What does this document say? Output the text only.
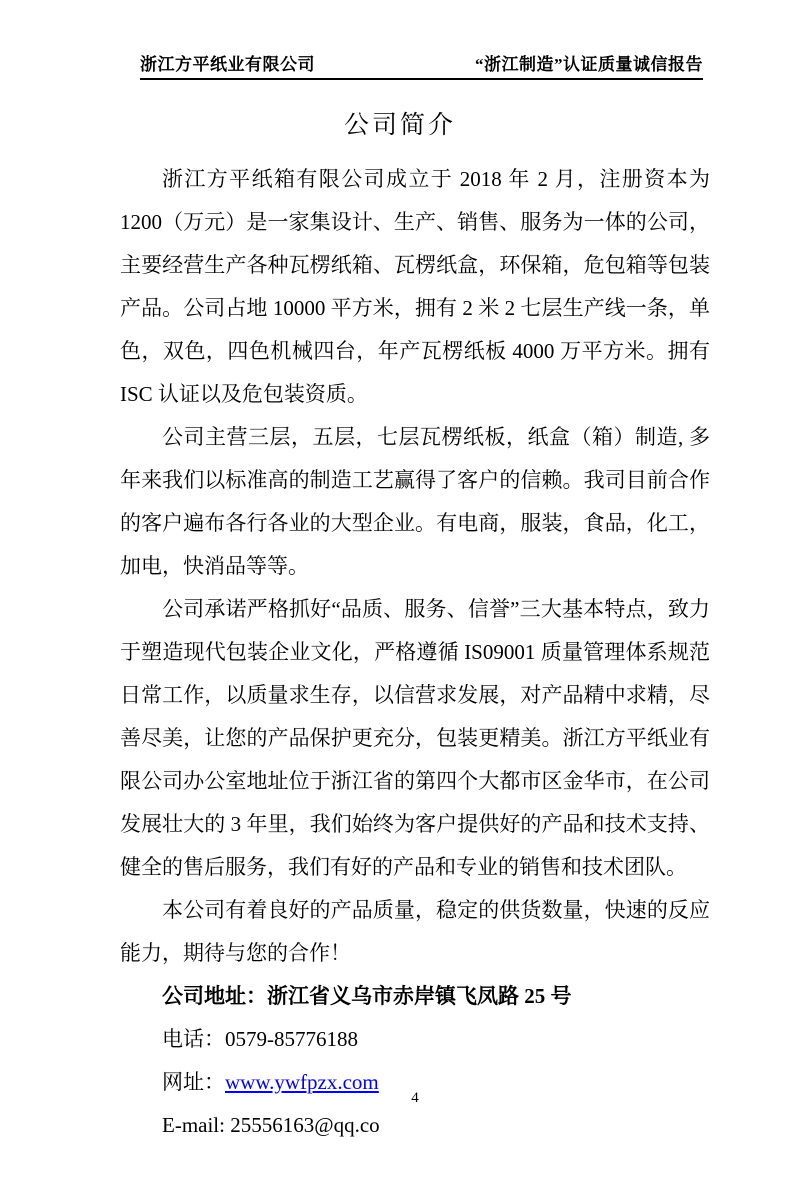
浙江方平纸业有限公司	“浙江制造”认证质量诚信报告
公司简介

浙江方平纸箱有限公司成立于 2018 年 2 月，注册资本为 1200（万元）是一家集设计、生产、销售、服务为一体的公司，主要经营生产各种瓦楞纸箱、瓦楞纸盒，环保箱，危包箱等包装产品。公司占地 10000 平方米，拥有 2 米 2 七层生产线一条，单色，双色，四色机械四台，年产瓦楞纸板 4000 万平方米。拥有 ISC 认证以及危包装资质。

公司主营三层，五层，七层瓦楞纸板，纸盒（箱）制造, 多年来我们以标准高的制造工艺赢得了客户的信赖。我司目前合作的客户遍布各行各业的大型企业。有电商，服装，食品，化工，加电，快消品等等。

公司承诺严格抓好“品质、服务、信誉”三大基本特点，致力于塑造现代包装企业文化，严格遵循 IS09001 质量管理体系规范日常工作，以质量求生存，以信营求发展，对产品精中求精，尽善尽美，让您的产品保护更充分，包装更精美。浙江方平纸业有限公司办公室地址位于浙江省的第四个大都市区金华市，在公司发展壮大的 3 年里，我们始终为客户提供好的产品和技术支持、健全的售后服务，我们有好的产品和专业的销售和技术团队。

本公司有着良好的产品质量，稳定的供货数量，快速的反应能力，期待与您的合作！

公司地址：浙江省义乌市赤岸镇飞凤路 25 号

电话：0579-85776188

网址：www.ywfpzx.com

E-mail: 25556163@qq.co

4
